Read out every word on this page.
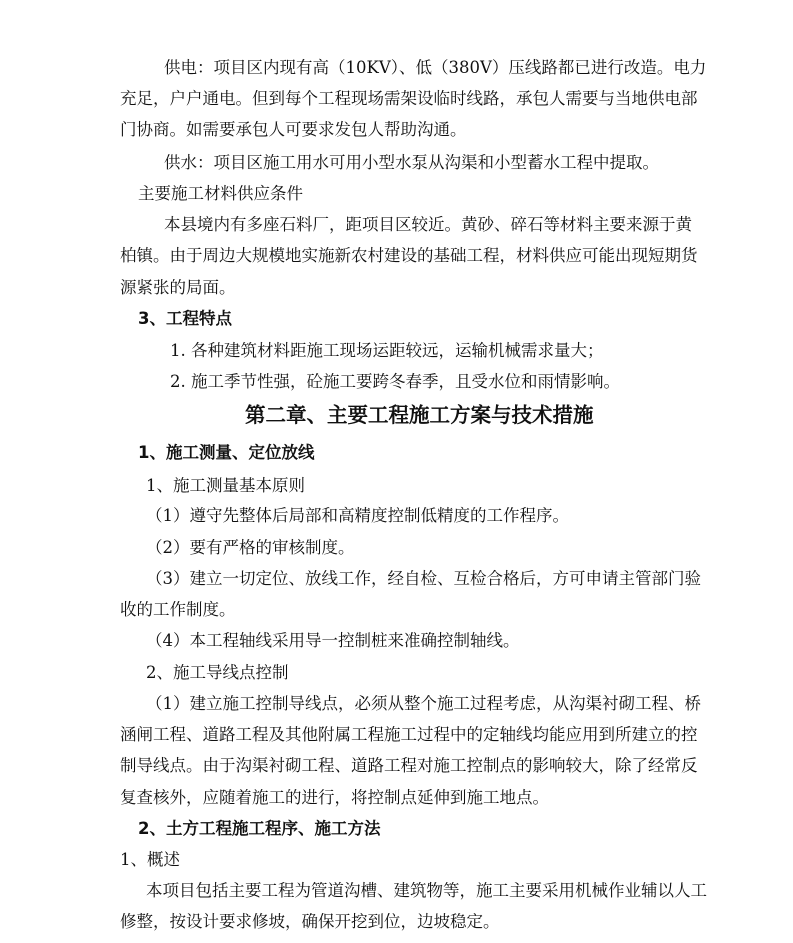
供电：项目区内现有高（10KV）、低（380V）压线路都已进行改造。电力
充足，户户通电。但到每个工程现场需架设临时线路，承包人需要与当地供电部
门协商。如需要承包人可要求发包人帮助沟通。
供水：项目区施工用水可用小型水泵从沟渠和小型蓄水工程中提取。
主要施工材料供应条件
本县境内有多座石料厂，距项目区较近。黄砂、碎石等材料主要来源于黄
柏镇。由于周边大规模地实施新农村建设的基础工程，材料供应可能出现短期货
源紧张的局面。
3、工程特点
1. 各种建筑材料距施工现场运距较远，运输机械需求量大；
2. 施工季节性强，砼施工要跨冬春季，且受水位和雨情影响。
第二章、主要工程施工方案与技术措施
1、施工测量、定位放线
1、施工测量基本原则
（1）遵守先整体后局部和高精度控制低精度的工作程序。
（2）要有严格的审核制度。
（3）建立一切定位、放线工作，经自检、互检合格后，方可申请主管部门验
收的工作制度。
（4）本工程轴线采用导一控制桩来准确控制轴线。
2、施工导线点控制
（1）建立施工控制导线点，必须从整个施工过程考虑，从沟渠衬砌工程、桥
涵闸工程、道路工程及其他附属工程施工过程中的定轴线均能应用到所建立的控
制导线点。由于沟渠衬砌工程、道路工程对施工控制点的影响较大，除了经常反
复查核外，应随着施工的进行，将控制点延伸到施工地点。
2、土方工程施工程序、施工方法
1、概述
本项目包括主要工程为管道沟槽、建筑物等，施工主要采用机械作业辅以人工
修整，按设计要求修坡，确保开挖到位，边坡稳定。
